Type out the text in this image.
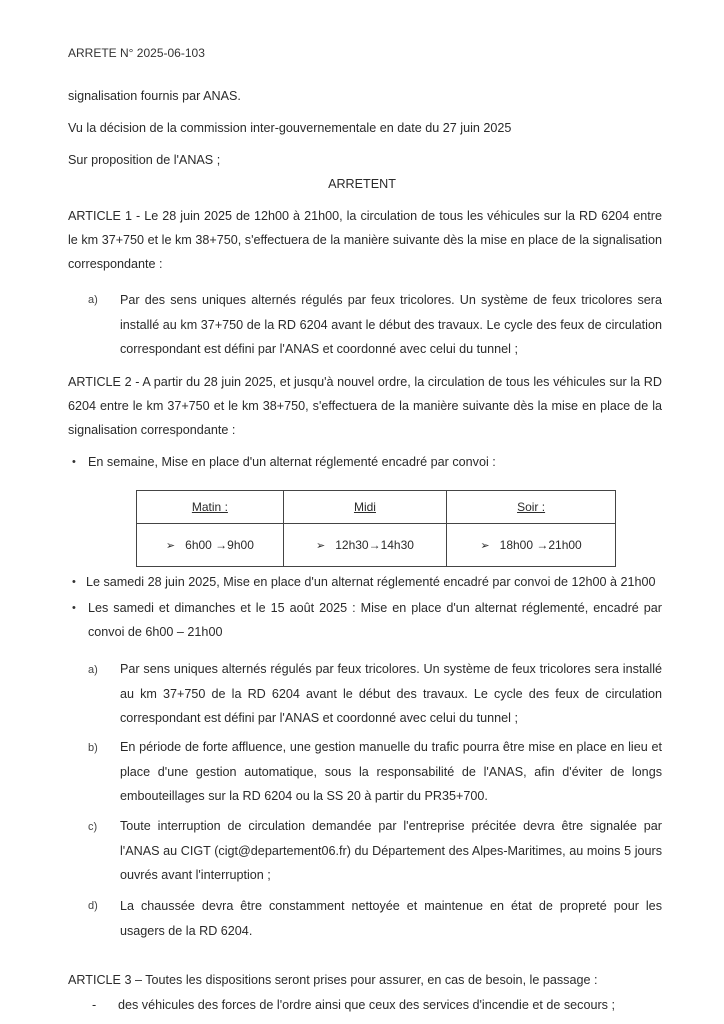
ARRETE N° 2025-06-103
signalisation fournis par ANAS.
Vu la décision de la commission inter-gouvernementale en date du 27 juin 2025
Sur proposition de l'ANAS ;
ARRETENT
ARTICLE 1 - Le 28 juin 2025 de 12h00 à 21h00, la circulation de tous les véhicules sur la RD 6204 entre le km 37+750 et le km 38+750, s'effectuera de la manière suivante dès la mise en place de la signalisation correspondante :
a) Par des sens uniques alternés régulés par feux tricolores. Un système de feux tricolores sera installé au km 37+750 de la RD 6204 avant le début des travaux. Le cycle des feux de circulation correspondant est défini par l'ANAS et coordonné avec celui du tunnel ;
ARTICLE 2 - A partir du 28 juin 2025, et jusqu'à nouvel ordre, la circulation de tous les véhicules sur la RD 6204 entre le km 37+750 et le km 38+750, s'effectuera de la manière suivante dès la mise en place de la signalisation correspondante :
• En semaine, Mise en place d'un alternat réglementé encadré par convoi :
Matin :	Midi	Soir :
➢ 6h00 →9h00	➢ 12h30→14h30	➢ 18h00 →21h00
• Le samedi 28 juin 2025, Mise en place d'un alternat réglementé encadré par convoi de 12h00 à 21h00
• Les samedi et dimanches et le 15 août 2025 : Mise en place d'un alternat réglementé, encadré par convoi de 6h00 – 21h00
a) Par sens uniques alternés régulés par feux tricolores. Un système de feux tricolores sera installé au km 37+750 de la RD 6204 avant le début des travaux. Le cycle des feux de circulation correspondant est défini par l'ANAS et coordonné avec celui du tunnel ;
b) En période de forte affluence, une gestion manuelle du trafic pourra être mise en place en lieu et place d'une gestion automatique, sous la responsabilité de l'ANAS, afin d'éviter de longs embouteillages sur la RD 6204 ou la SS 20 à partir du PR35+700.
c) Toute interruption de circulation demandée par l'entreprise précitée devra être signalée par l'ANAS au CIGT (cigt@departement06.fr) du Département des Alpes-Maritimes, au moins 5 jours ouvrés avant l'interruption ;
d) La chaussée devra être constamment nettoyée et maintenue en état de propreté pour les usagers de la RD 6204.
ARTICLE 3 – Toutes les dispositions seront prises pour assurer, en cas de besoin, le passage :
- des véhicules des forces de l'ordre ainsi que ceux des services d'incendie et de secours ;
